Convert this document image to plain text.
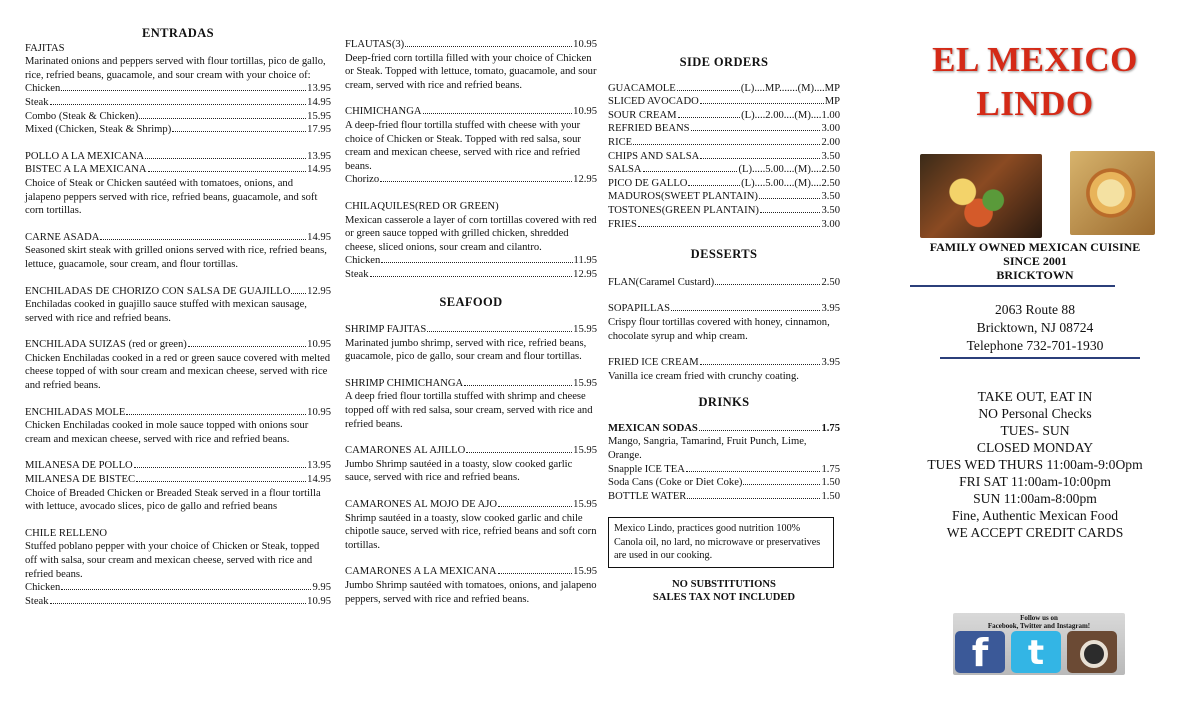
ENTRADAS
FAJITAS

Marinated onions and peppers served with flour tortillas, pico de gallo, rice, refried beans, guacamole, and sour cream with your choice of:

Chicken	13.95
Steak	14.95
Combo (Steak & Chicken)	15.95
Mixed (Chicken, Steak & Shrimp)	17.95
POLLO A LA MEXICANA	13.95
BISTEC A LA MEXICANA	14.95

Choice of Steak or Chicken sautéed with tomatoes, onions, and jalapeno peppers served with rice, refried beans, guacamole, and soft corn tortillas.

CARNE ASADA	14.95

Seasoned skirt steak with grilled onions served with rice, refried beans, lettuce, guacamole, sour cream, and flour tortillas.

ENCHILADAS DE CHORIZO CON SALSA DE GUAJILLO 12.95

Enchiladas cooked in guajillo sauce stuffed with mexican sausage, served with rice and refried beans.

ENCHILADA SUIZAS (red or green)	10.95

Chicken Enchiladas cooked in a red or green sauce covered with melted cheese topped of with sour cream and mexican cheese, served with rice and refried beans.

ENCHILADAS MOLE	10.95

Chicken Enchiladas cooked in mole sauce topped with onions sour cream and mexican cheese, served with rice and refried beans.

MILANESA DE POLLO	13.95
MILANESA DE BISTEC	14.95

Choice of Breaded Chicken or Breaded Steak served in a flour tortilla with lettuce, avocado slices, pico de gallo and refried beans

CHILE RELLENO

Stuffed poblano pepper with your choice of Chicken or Steak, topped off with salsa, sour cream and mexican cheese, served with rice and refried beans.

Chicken	9.95
Steak	10.95
FLAUTAS(3)	10.95

Deep-fried corn tortilla filled with your choice of Chicken or Steak. Topped with lettuce, tomato, guacamole, and sour cream, served with rice and refried beans.

CHIMICHANGA	10.95

A deep-fried flour tortilla stuffed with cheese with your choice of Chicken or Steak. Topped with red salsa, sour cream and mexican cheese, served with rice and refried beans.

Chorizo	12.95
CHILAQUILES(RED OR GREEN)

Mexican casserole a layer of corn tortillas covered with red or green sauce topped with grilled chicken, shredded cheese, sliced onions, sour cream and cilantro.

Chicken	11.95
Steak	12.95
SEAFOOD
SHRIMP FAJITAS	15.95

Marinated jumbo shrimp, served with rice, refried beans, guacamole, pico de gallo, sour cream and flour tortillas.

SHRIMP CHIMICHANGA	15.95

A deep fried flour tortilla stuffed with shrimp and cheese topped off with red salsa, sour cream, served with rice and refried beans.

CAMARONES AL AJILLO	15.95

Jumbo Shrimp sautéed in a toasty, slow cooked garlic sauce, served with rice and refried beans.

CAMARONES AL MOJO DE AJO	15.95

Shrimp sautéed in a toasty, slow cooked garlic and chile chipotle sauce, served with rice, refried beans and soft corn tortillas.

CAMARONES A LA MEXICANA	15.95

Jumbo Shrimp sautéed with tomatoes, onions, and jalapeno peppers, served with rice and refried beans.

SIDE ORDERS
GUACAMOLE	(L)....MP.......(M)....MP
SLICED AVOCADO	MP
SOUR CREAM	(L)....2.00....(M)....1.00
REFRIED BEANS	3.00
RICE	2.00
CHIPS AND SALSA	3.50
SALSA	(L).....5.00....(M)....2.50
PICO DE GALLO	(L)....5.00....(M)....2.50
MADUROS(SWEET PLANTAIN)	3.50
TOSTONES(GREEN PLANTAIN)	3.50
FRIES	3.00
DESSERTS
FLAN(Caramel Custard)	2.50
SOPAPILLAS	3.95

Crispy flour tortillas covered with honey, cinnamon, chocolate syrup and whip cream.

FRIED ICE CREAM	3.95

Vanilla ice cream fried with crunchy coating.

DRINKS
MEXICAN SODAS	1.75

Mango, Sangria, Tamarind, Fruit Punch, Lime, Orange.

Snapple ICE TEA	1.75
Soda Cans (Coke or Diet Coke)	1.50
BOTTLE WATER	1.50
Mexico Lindo, practices good nutrition 100% Canola oil, no lard, no microwave or preservatives are used in our cooking.
NO SUBSTITUTIONS
SALES TAX NOT INCLUDED
EL MEXICO
LINDO
FAMILY OWNED MEXICAN CUISINE
SINCE 2001
BRICKTOWN
2063 Route 88
Bricktown, NJ 08724
Telephone 732-701-1930
TAKE OUT, EAT IN
NO Personal Checks
TUES- SUN
CLOSED MONDAY
TUES WED THURS 11:00am-9:0Opm
FRI SAT 11:00am-10:00pm
SUN 11:00am-8:00pm
Fine, Authentic Mexican Food
WE ACCEPT CREDIT CARDS
Follow us on
Facebook, Twitter and Instagram!
f	t
